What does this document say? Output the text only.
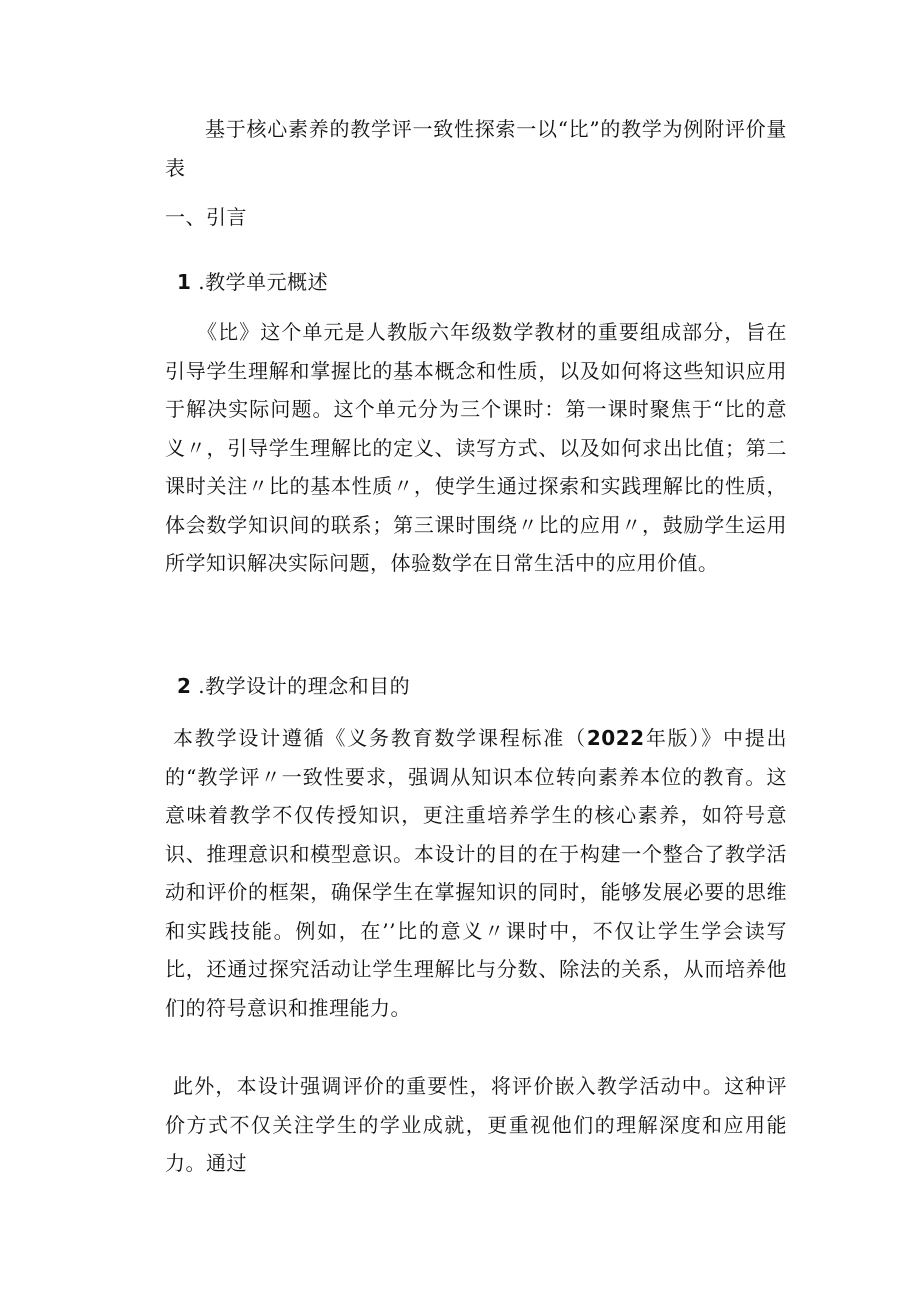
基于核心素养的教学评一致性探索一以“比”的教学为例附评价量表
一、引言
1 .教学单元概述
《比》这个单元是人教版六年级数学教材的重要组成部分，旨在引导学生理解和掌握比的基本概念和性质，以及如何将这些知识应用于解决实际问题。这个单元分为三个课时：第一课时聚焦于“比的意义〃，引导学生理解比的定义、读写方式、以及如何求出比值；第二课时关注〃比的基本性质〃，使学生通过探索和实践理解比的性质，体会数学知识间的联系；第三课时围绕〃比的应用〃，鼓励学生运用所学知识解决实际问题，体验数学在日常生活中的应用价值。
2 .教学设计的理念和目的
本教学设计遵循《义务教育数学课程标准（2022年版）》中提出的“教学评〃一致性要求，强调从知识本位转向素养本位的教育。这意味着教学不仅传授知识，更注重培养学生的核心素养，如符号意识、推理意识和模型意识。本设计的目的在于构建一个整合了教学活动和评价的框架，确保学生在掌握知识的同时，能够发展必要的思维和实践技能。例如，在’’比的意义〃课时中，不仅让学生学会读写比，还通过探究活动让学生理解比与分数、除法的关系，从而培养他们的符号意识和推理能力。
此外，本设计强调评价的重要性，将评价嵌入教学活动中。这种评价方式不仅关注学生的学业成就，更重视他们的理解深度和应用能力。通过
